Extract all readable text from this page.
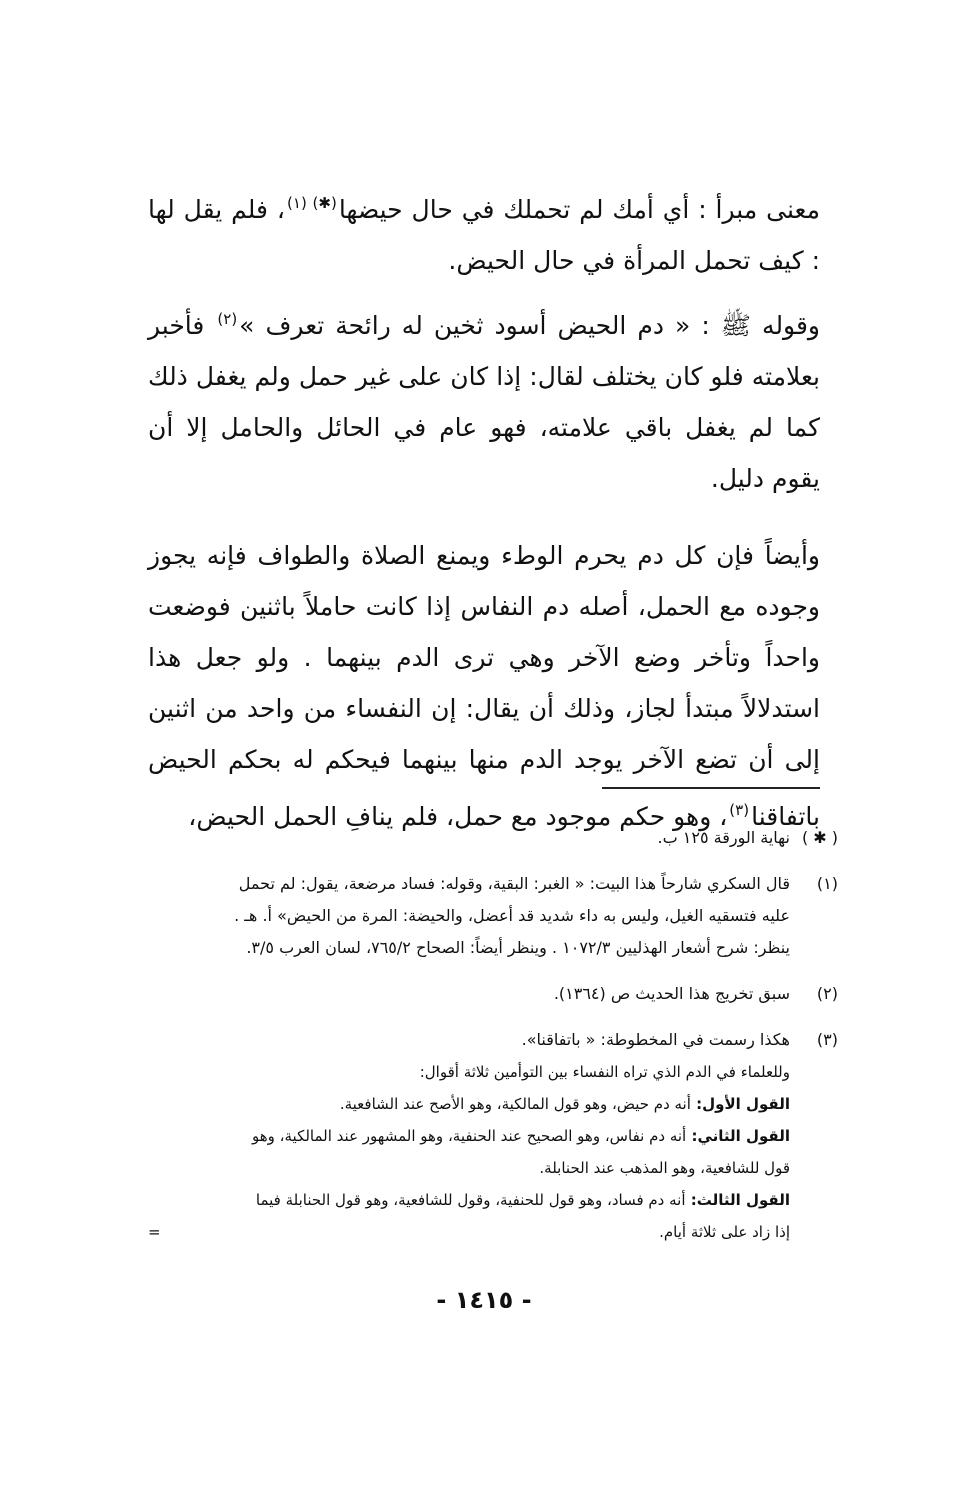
معنى مبرأ : أي أمك لم تحملك في حال حيضها$^{(✱) (١)}$، فلم يقل لها : كيف تحمل المرأة في حال الحيض.

وقوله ﷺ : « دم الحيض أسود ثخين له رائحة تعرف »$^{(٢)}$ فأخبر بعلامته فلو كان يختلف لقال: إذا كان على غير حمل ولم يغفل ذلك كما لم يغفل باقي علامته، فهو عام في الحائل والحامل إلا أن يقوم دليل.

وأيضاً فإن كل دم يحرم الوطء ويمنع الصلاة والطواف فإنه يجوز وجوده مع الحمل، أصله دم النفاس إذا كانت حاملاً باثنين فوضعت واحداً وتأخر وضع الآخر وهي ترى الدم بينهما . ولو جعل هذا استدلالاً مبتدأ لجاز، وذلك أن يقال: إن النفساء من واحد من اثنين إلى أن تضع الآخر يوجد الدم منها بينهما فيحكم له بحكم الحيض باتفاقنا$^{(٣)}$، وهو حكم موجود مع حمل، فلم ينافِ الحمل الحيض،

( ✱ )
نهاية الورقة ١٢٥ ب.
(١)
قال السكري شارحاً هذا البيت: « الغبر: البقية، وقوله: فساد مرضعة، يقول: لم تحمل
عليه فتسقيه الغيل، وليس به داء شديد قد أعضل، والحيضة: المرة من الحيض» أ. هـ .
ينظر: شرح أشعار الهذليين ١٠٧٢/٣ . وينظر أيضاً: الصحاح ٧٦٥/٢، لسان العرب ٣/٥.
(٢)
سبق تخريج هذا الحديث ص (١٣٦٤).
(٣)
هكذا رسمت في المخطوطة: « باتفاقنا».
وللعلماء في الدم الذي تراه النفساء بين التوأمين ثلاثة أقوال:
القول الأول: أنه دم حيض، وهو قول المالكية، وهو الأصح عند الشافعية.
القول الثاني: أنه دم نفاس، وهو الصحيح عند الحنفية، وهو المشهور عند المالكية، وهو
قول للشافعية، وهو المذهب عند الحنابلة.
القول الثالث: أنه دم فساد، وهو قول للحنفية، وقول للشافعية، وهو قول الحنابلة فيما
إذا زاد على ثلاثة أيام.
=
- ١٤١٥ -
